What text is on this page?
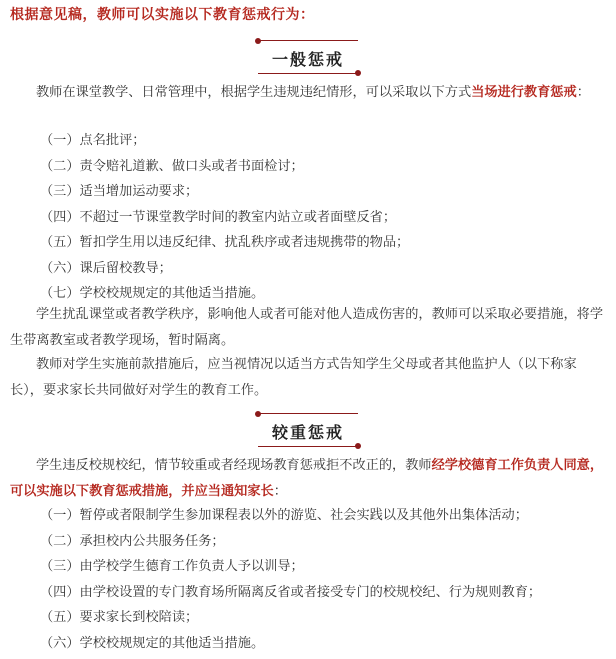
根据意见稿，教师可以实施以下教育惩戒行为：
一般惩戒

教师在课堂教学、日常管理中，根据学生违规违纪情形，可以采取以下方式当场进行教育惩戒：

（一）点名批评；
（二）责令赔礼道歉、做口头或者书面检讨；
（三）适当增加运动要求；
（四）不超过一节课堂教学时间的教室内站立或者面壁反省；
（五）暂扣学生用以违反纪律、扰乱秩序或者违规携带的物品；
（六）课后留校教导；
（七）学校校规规定的其他适当措施。

学生扰乱课堂或者教学秩序，影响他人或者可能对他人造成伤害的，教师可以采取必要措施，将学生带离教室或者教学现场，暂时隔离。

教师对学生实施前款措施后，应当视情况以适当方式告知学生父母或者其他监护人（以下称家长），要求家长共同做好对学生的教育工作。

较重惩戒

学生违反校规校纪，情节较重或者经现场教育惩戒拒不改正的，教师经学校德育工作负责人同意，可以实施以下教育惩戒措施，并应当通知家长：

（一）暂停或者限制学生参加课程表以外的游览、社会实践以及其他外出集体活动；
（二）承担校内公共服务任务；
（三）由学校学生德育工作负责人予以训导；
（四）由学校设置的专门教育场所隔离反省或者接受专门的校规校纪、行为规则教育；
（五）要求家长到校陪读；
（六）学校校规规定的其他适当措施。
